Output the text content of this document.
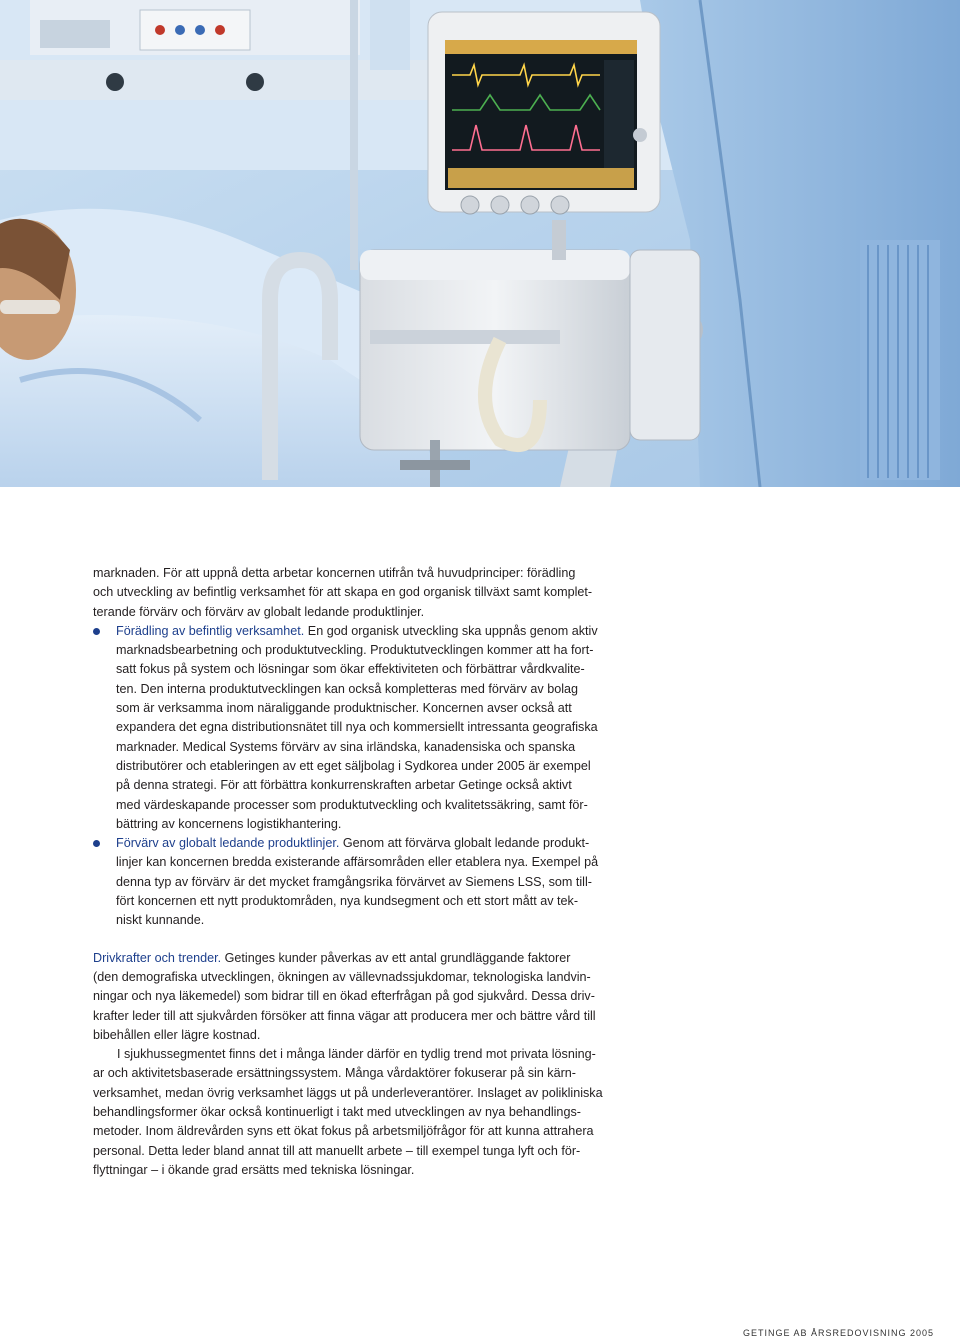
marknaden. För att uppnå detta arbetar koncernen utifrån två huvudprinciper: förädling
och utveckling av befintlig verksamhet för att skapa en god organisk tillväxt samt komplet-
terande förvärv och förvärv av globalt ledande produktlinjer.
Förädling av befintlig verksamhet. En god organisk utveckling ska uppnås genom aktiv
marknadsbearbetning och produktutveckling. Produktutvecklingen kommer att ha fort-
satt fokus på system och lösningar som ökar effektiviteten och förbättrar vårdkvalite-
ten. Den interna produktutvecklingen kan också kompletteras med förvärv av bolag
som är verksamma inom näraliggande produktnischer. Koncernen avser också att
expandera det egna distributionsnätet till nya och kommersiellt intressanta geografiska
marknader. Medical Systems förvärv av sina irländska, kanadensiska och spanska
distributörer och etableringen av ett eget säljbolag i Sydkorea under 2005 är exempel
på denna strategi. För att förbättra konkurrenskraften arbetar Getinge också aktivt
med värdeskapande processer som produktutveckling och kvalitetssäkring, samt för-
bättring av koncernens logistikhantering.
Förvärv av globalt ledande produktlinjer. Genom att förvärva globalt ledande produkt-
linjer kan koncernen bredda existerande affärsområden eller etablera nya. Exempel på
denna typ av förvärv är det mycket framgångsrika förvärvet av Siemens LSS, som till-
fört koncernen ett nytt produktområden, nya kundsegment och ett stort mått av tek-
niskt kunnande.
Drivkrafter och trender. Getinges kunder påverkas av ett antal grundläggande faktorer
(den demografiska utvecklingen, ökningen av vällevnadssjukdomar, teknologiska landvin-
ningar och nya läkemedel) som bidrar till en ökad efterfrågan på god sjukvård. Dessa driv-
krafter leder till att sjukvården försöker att finna vägar att producera mer och bättre vård till
bibehållen eller lägre kostnad.
I sjukhussegmentet finns det i många länder därför en tydlig trend mot privata lösning-
ar och aktivitetsbaserade ersättningssystem. Många vårdaktörer fokuserar på sin kärn-
verksamhet, medan övrig verksamhet läggs ut på underleverantörer. Inslaget av polikliniska
behandlingsformer ökar också kontinuerligt i takt med utvecklingen av nya behandlings-
metoder. Inom äldrevården syns ett ökat fokus på arbetsmiljöfrågor för att kunna attrahera
personal. Detta leder bland annat till att manuellt arbete – till exempel tunga lyft och för-
flyttningar – i ökande grad ersätts med tekniska lösningar.
GETINGE AB ÅRSREDOVISNING 2005
